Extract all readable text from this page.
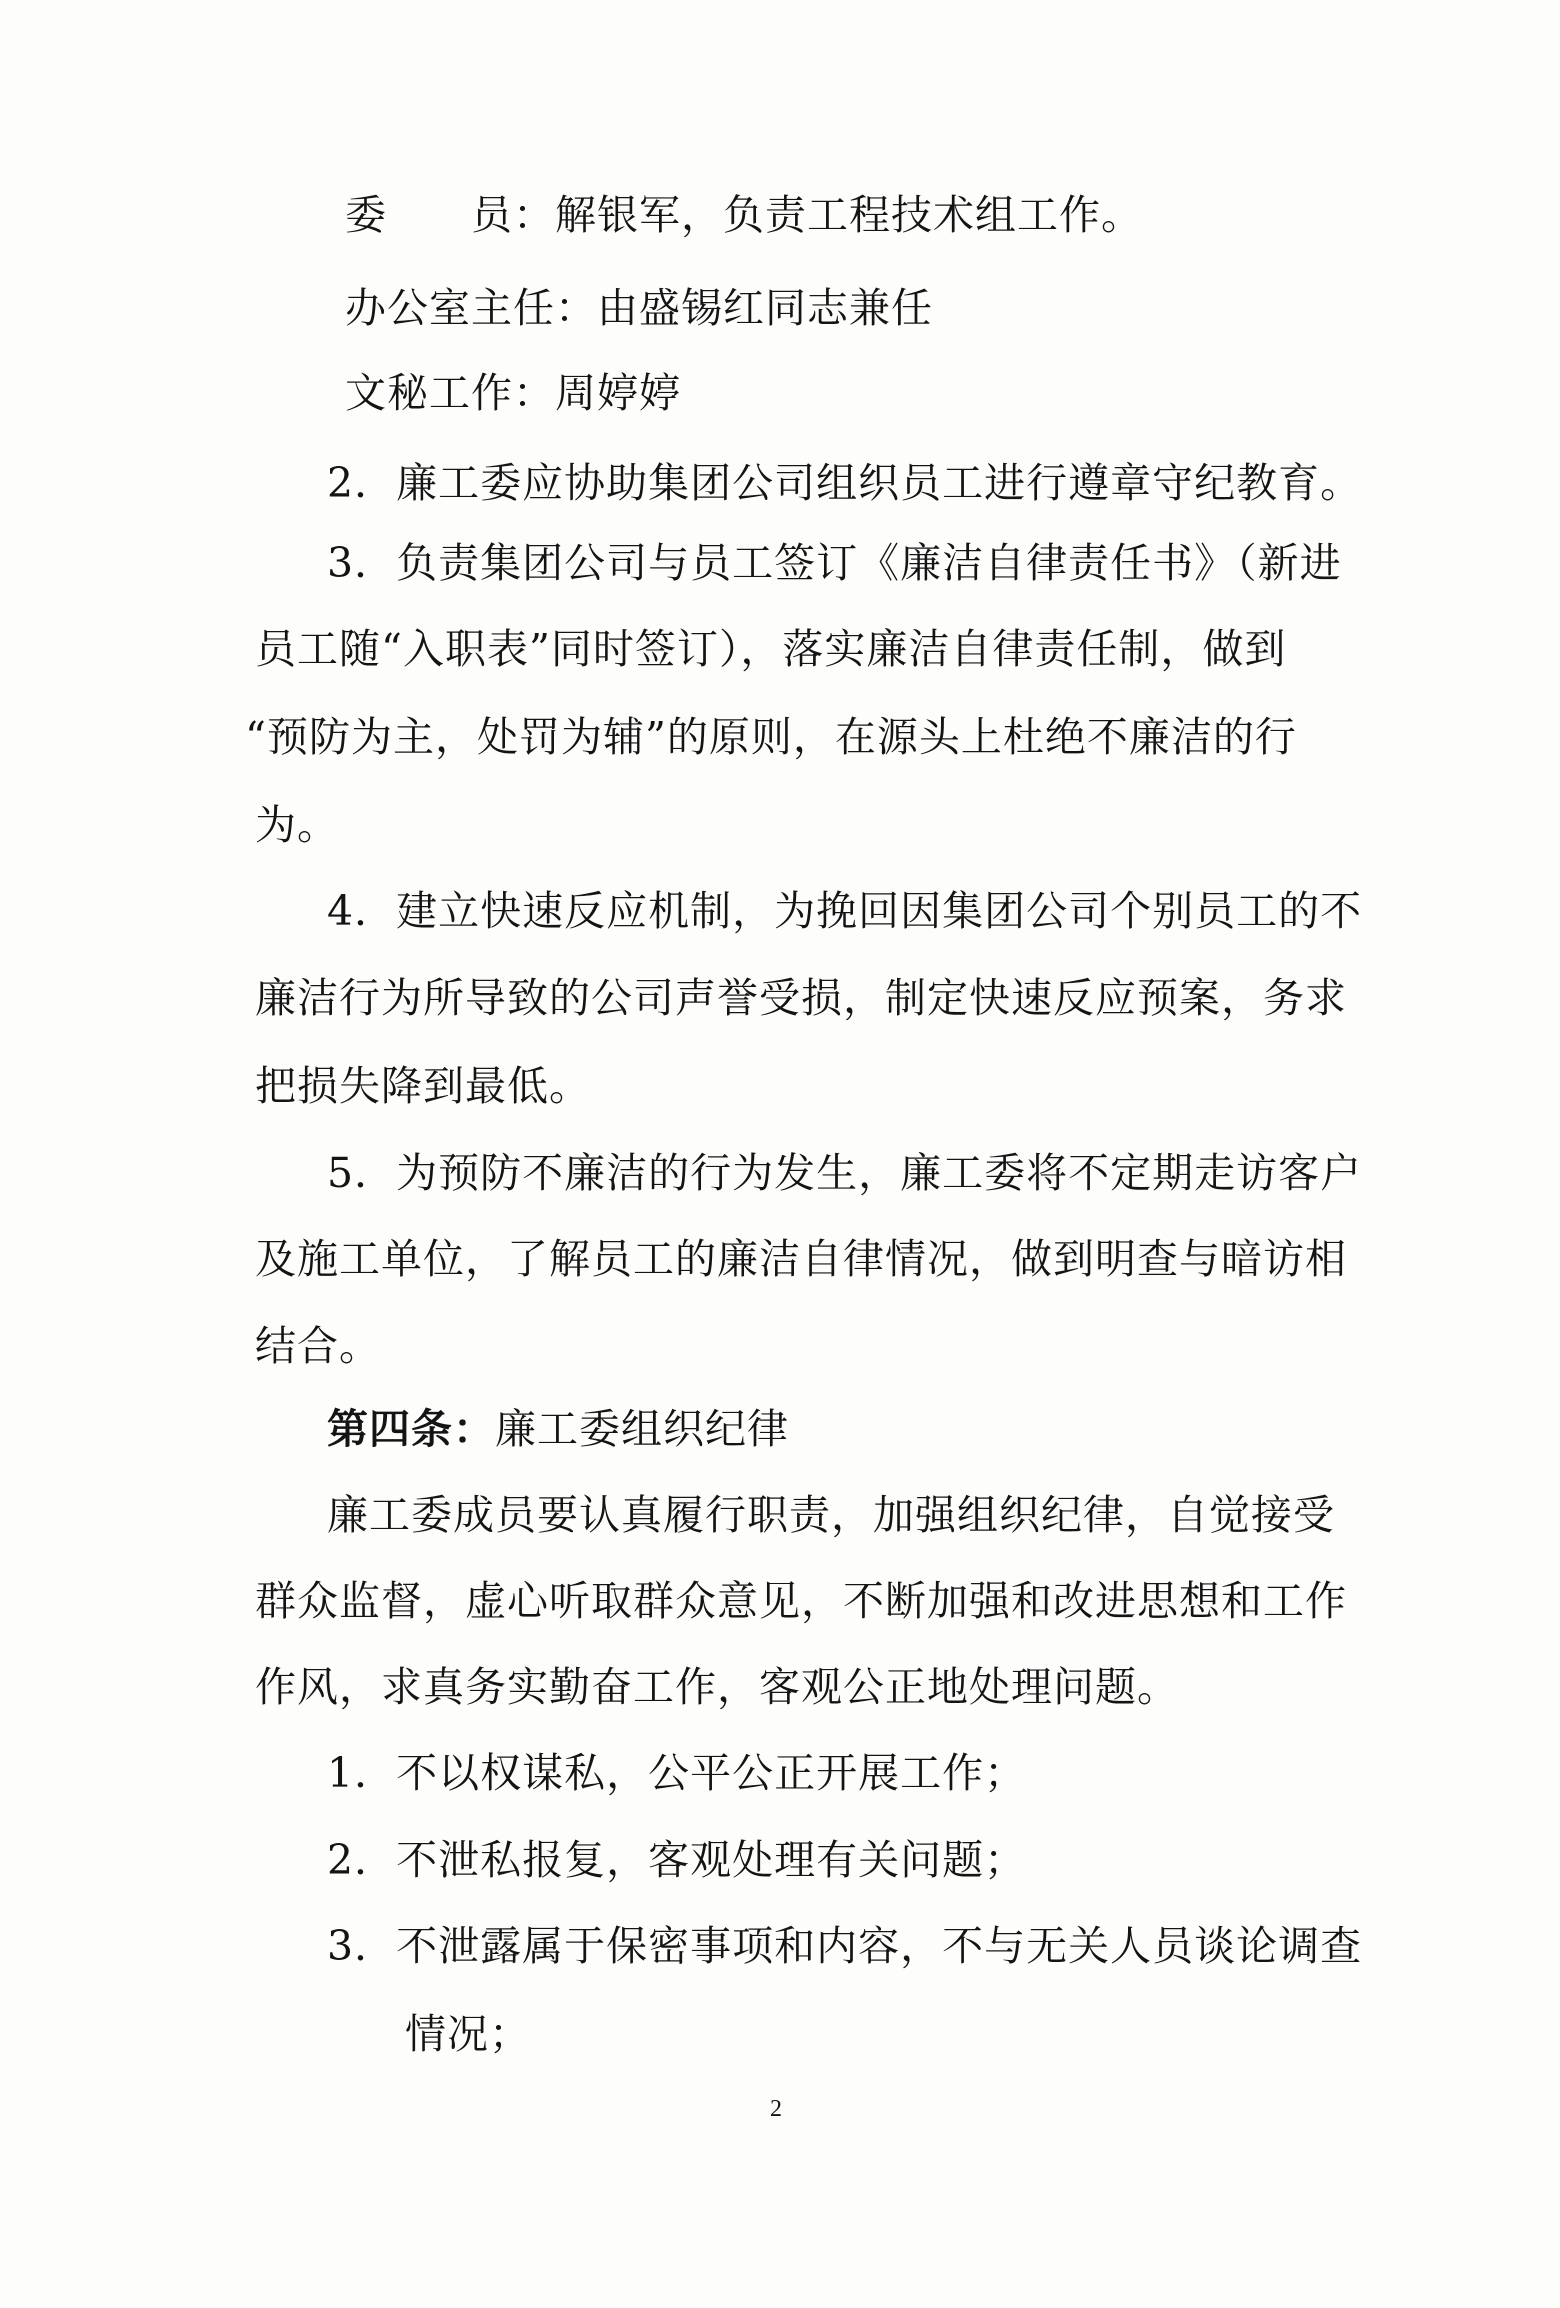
委　　员：解银军，负责工程技术组工作。
办公室主任：由盛锡红同志兼任
文秘工作：周婷婷
2．廉工委应协助集团公司组织员工进行遵章守纪教育。
3．负责集团公司与员工签订《廉洁自律责任书》（新进
员工随“入职表”同时签订），落实廉洁自律责任制，做到
“预防为主，处罚为辅”的原则，在源头上杜绝不廉洁的行
为。
4．建立快速反应机制，为挽回因集团公司个别员工的不
廉洁行为所导致的公司声誉受损，制定快速反应预案，务求
把损失降到最低。
5．为预防不廉洁的行为发生，廉工委将不定期走访客户
及施工单位，了解员工的廉洁自律情况，做到明查与暗访相
结合。
第四条：廉工委组织纪律
廉工委成员要认真履行职责，加强组织纪律，自觉接受
群众监督，虚心听取群众意见，不断加强和改进思想和工作
作风，求真务实勤奋工作，客观公正地处理问题。
1．不以权谋私，公平公正开展工作；
2．不泄私报复，客观处理有关问题；
3．不泄露属于保密事项和内容，不与无关人员谈论调查
情况；
2
